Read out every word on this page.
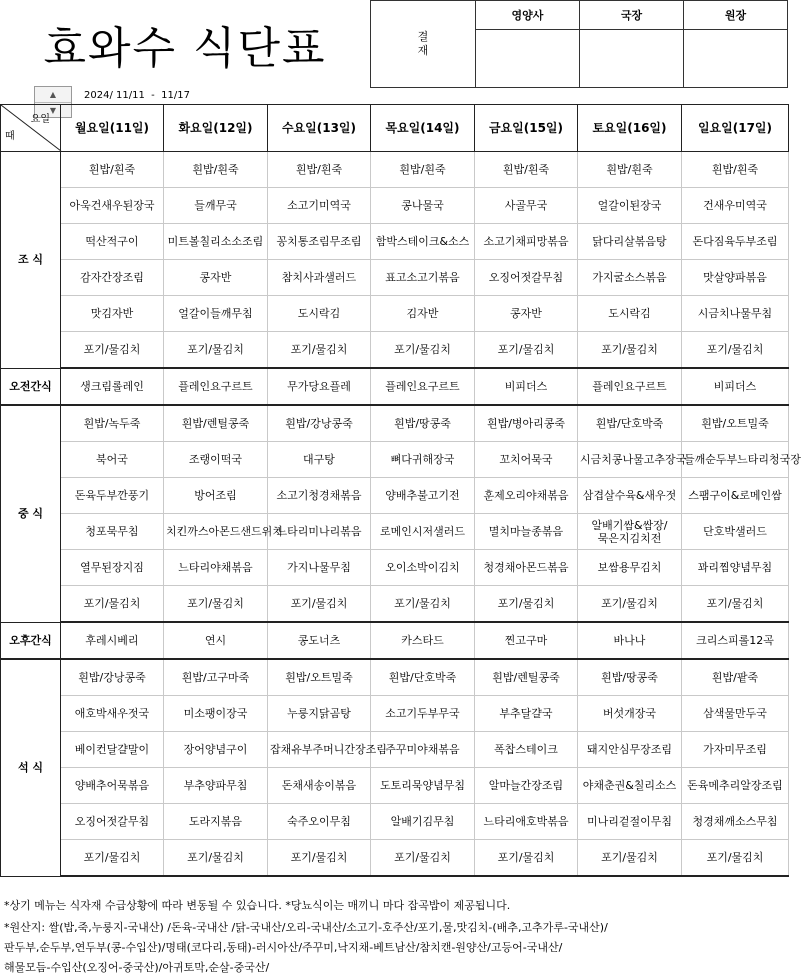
효와수 식단표	결
재	영양사	국장	원장

▲
▼
2024/ 11/11  -  11/17
요일
때	월요일(11일)	화요일(12일)	수요일(13일)	목요일(14일)	금요일(15일)	토요일(16일)	일요일(17일)
조 식	흰밥/흰죽	흰밥/흰죽	흰밥/흰죽	흰밥/흰죽	흰밥/흰죽	흰밥/흰죽	흰밥/흰죽
	아욱건새우된장국	들깨무국	소고기미역국	콩나물국	사골무국	얼갈이된장국	건새우미역국
	떡산적구이	미트볼칠리소소조림	꽁치통조림무조림	함박스테이크&소스	소고기채피망볶음	닭다리살볶음탕	돈다짐육두부조림
	감자간장조림	콩자반	참치사과샐러드	표고소고기볶음	오징어젓갈무침	가지굴소스볶음	맛살양파볶음
	맛김자반	얼갈이들깨무침	도시락김	김자반	콩자반	도시락김	시금치나물무침
	포기/물김치	포기/물김치	포기/물김치	포기/물김치	포기/물김치	포기/물김치	포기/물김치
오전간식	생크림롤레인	플레인요구르트	무가당요플레	플레인요구르트	비피더스	플레인요구르트	비피더스
중 식	흰밥/녹두죽	흰밥/렌틸콩죽	흰밥/강낭콩죽	흰밥/땅콩죽	흰밥/병아리콩죽	흰밥/단호박죽	흰밥/오트밀죽
	북어국	조랭이떡국	대구탕	뼈다귀해장국	꼬치어묵국	시금치콩나물고추장국	들깨순두부느타리청국장
	돈육두부깐풍기	방어조림	소고기청경채볶음	양배추불고기전	훈제오리야채볶음	삼겹살수육&새우젓	스팸구이&로메인쌈
	청포묵무침	치킨까스아몬드샌드위치	느타리미나리볶음	로메인시저샐러드	멸치마늘종볶음	알배기쌈&쌈장/묵은지김치전	단호박샐러드
	열무된장지짐	느타리야채볶음	가지나물무침	오이소박이김치	청경채아몬드볶음	보쌈용무김치	꽈리찜양념무침
	포기/물김치	포기/물김치	포기/물김치	포기/물김치	포기/물김치	포기/물김치	포기/물김치
오후간식	후레시베리	연시	콩도너츠	카스타드	찐고구마	바나나	크리스피롤12곡
석 식	흰밥/강낭콩죽	흰밥/고구마죽	흰밥/오트밀죽	흰밥/단호박죽	흰밥/렌틸콩죽	흰밥/땅콩죽	흰밥/팥죽
	애호박새우젓국	미소팽이장국	누룽지닭곰탕	소고기두부무국	부추달걀국	버섯개장국	삼색물만두국
	베이컨달걀말이	장어양념구이	잡채유부주머니간장조림	주꾸미야채볶음	폭찹스테이크	돼지안심무장조림	가자미무조림
	양배추어묵볶음	부추양파무침	돈채새송이볶음	도토리묵양념무침	알마늘간장조림	야채춘권&칠리소스	돈육메추리알장조림
	오징어젓갈무침	도라지볶음	숙주오이무침	알배기김무침	느타리애호박볶음	미나리겉절이무침	청경채깨소스무침
	포기/물김치	포기/물김치	포기/물김치	포기/물김치	포기/물김치	포기/물김치	포기/물김치
*상기 메뉴는 식자재 수급상황에 따라 변동될 수 있습니다. *당뇨식이는 매끼니 마다 잡곡밥이 제공됩니다.
*원산지: 쌀(밥,죽,누룽지-국내산) /돈육-국내산 /닭-국내산/오리-국내산/소고기-호주산/포기,물,맛김치-(배추,고추가루-국내산)/
판두부,순두부,연두부(콩-수입산)/명태(코다리,동태)-러시아산/주꾸미,낙지채-베트남산/참치캔-원양산/고등어-국내산/
해물모듬-수입산(오징어-중국산)/아귀토막,순살-중국산/
